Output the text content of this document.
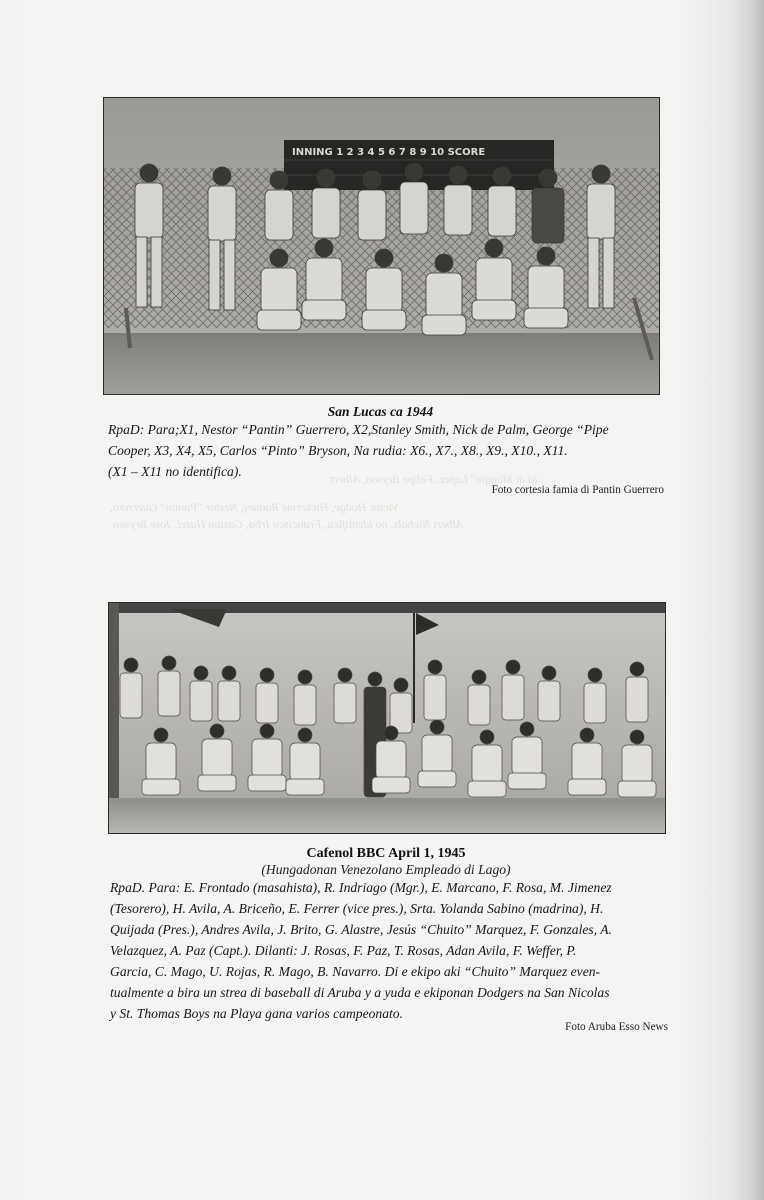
ta di Maggie" Lopez. Felipe Bryson, Albert
Victor Hodge, Hickerme Rodney, Nestor "Pantin" Guerrero,
Albert Nichols, no identifica, Francisco Irba, Gaston Hazel, Jose Bryson.
INNING 1 2 3 4 5 6 7 8 9 10 SCORE
San Lucas ca 1944
RpaD: Para;X1, Nestor “Pantin” Guerrero, X2,Stanley Smith, Nick de Palm, George “Pipe
Cooper, X3, X4, X5, Carlos “Pinto” Bryson, Na rudia: X6., X7., X8., X9., X10., X11.
(X1 – X11 no identifica).
Foto cortesia famia di Pantin Guerrero
Cafenol BBC April 1, 1945
(Hungadonan Venezolano Empleado di Lago)
RpaD. Para: E. Frontado (masahista), R. Indriago (Mgr.), E. Marcano, F. Rosa, M. Jimenez
(Tesorero), H. Avila, A. Briceño, E. Ferrer (vice pres.), Srta. Yolanda Sabino (madrina), H.
Quijada (Pres.), Andres Avila, J. Brito, G. Alastre, Jesús “Chuito” Marquez, F. Gonzales, A.
Velazquez, A. Paz (Capt.). Dilanti: J. Rosas, F. Paz, T. Rosas, Adan Avila, F. Weffer, P.
Garcia, C. Mago, U. Rojas, R. Mago, B. Navarro. Di e ekipo aki “Chuito” Marquez even-
tualmente a bira un strea di baseball di Aruba y a yuda e ekiponan Dodgers na San Nicolas
y St. Thomas Boys na Playa gana varios campeonato.
Foto Aruba Esso News
